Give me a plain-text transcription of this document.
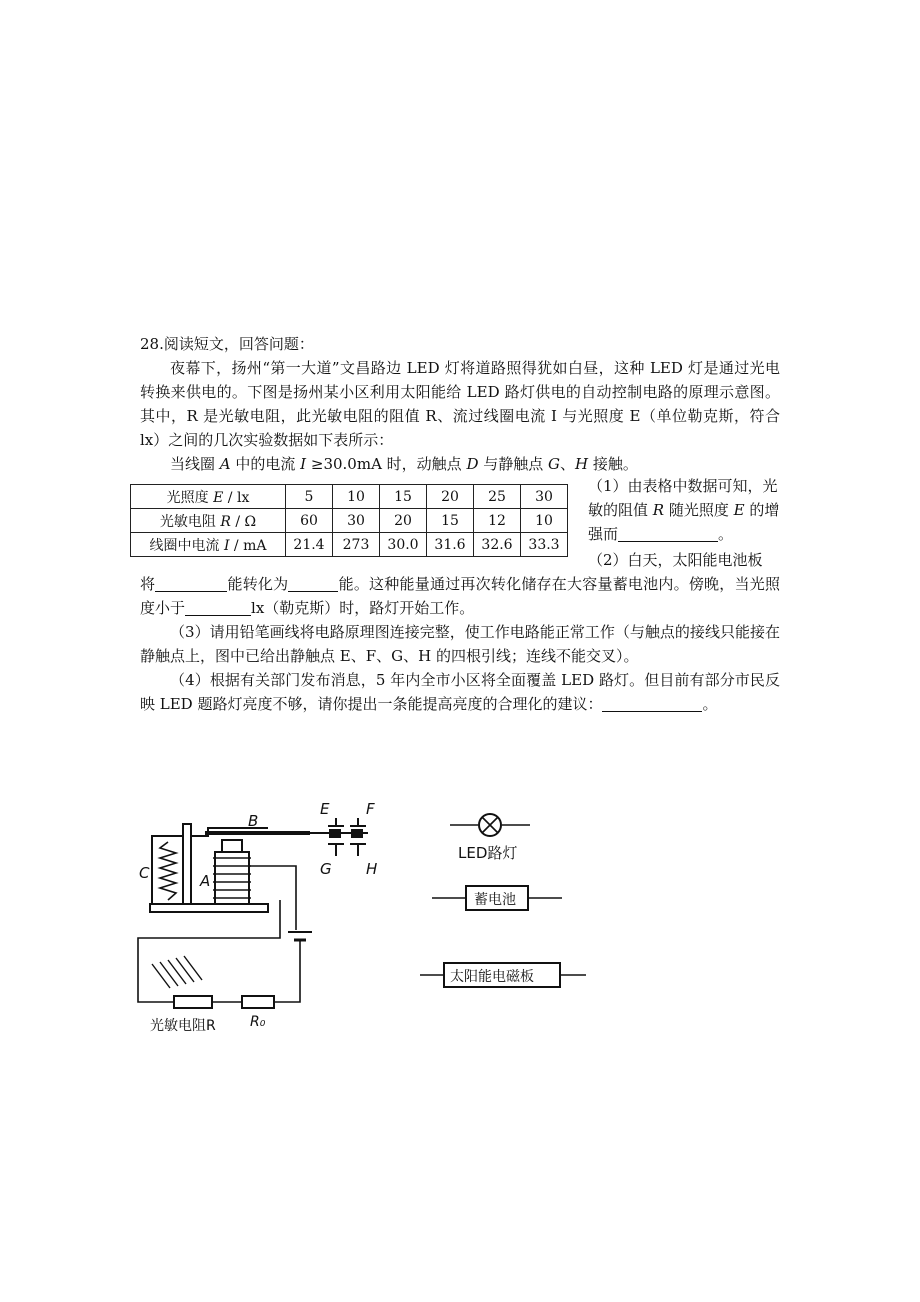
28.阅读短文，回答问题：

夜幕下，扬州“第一大道”文昌路边 LED 灯将道路照得犹如白昼，这种 LED 灯是通过光电转换来供电的。下图是扬州某小区利用太阳能给 LED 路灯供电的自动控制电路的原理示意图。其中，R 是光敏电阻，此光敏电阻的阻值 R、流过线圈电流 I 与光照度 E（单位勒克斯，符合 lx）之间的几次实验数据如下表所示：

当线圈 A 中的电流 I ≥30.0mA 时，动触点 D 与静触点 G、H 接触。

光照度 E / lx	5	10	15	20	25	30
光敏电阻 R / Ω	60	30	20	15	12	10
线圈中电流 I / mA	21.4	273	30.0	31.6	32.6	33.3
（1）由表格中数据可知，光敏的阻值 R 随光照度 E 的增强而	。
（2）白天，太阳能电池板

将	能转化为	能。这种能量通过再次转化储存在大容量蓄电池内。傍晚，当光照度小于	lx（勒克斯）时，路灯开始工作。

（3）请用铅笔画线将电路原理图连接完整，使工作电路能正常工作（与触点的接线只能接在静触点上，图中已给出静触点 E、F、G、H 的四根引线；连线不能交叉）。

（4）根据有关部门发布消息，5 年内全市小区将全面覆盖 LED 路灯。但目前有部分市民反映 LED 题路灯亮度不够，请你提出一条能提高亮度的合理化的建议：	。

B
C	A
E F
G H
光敏电阻R R₀
LED路灯
蓄电池
太阳能电磁板
